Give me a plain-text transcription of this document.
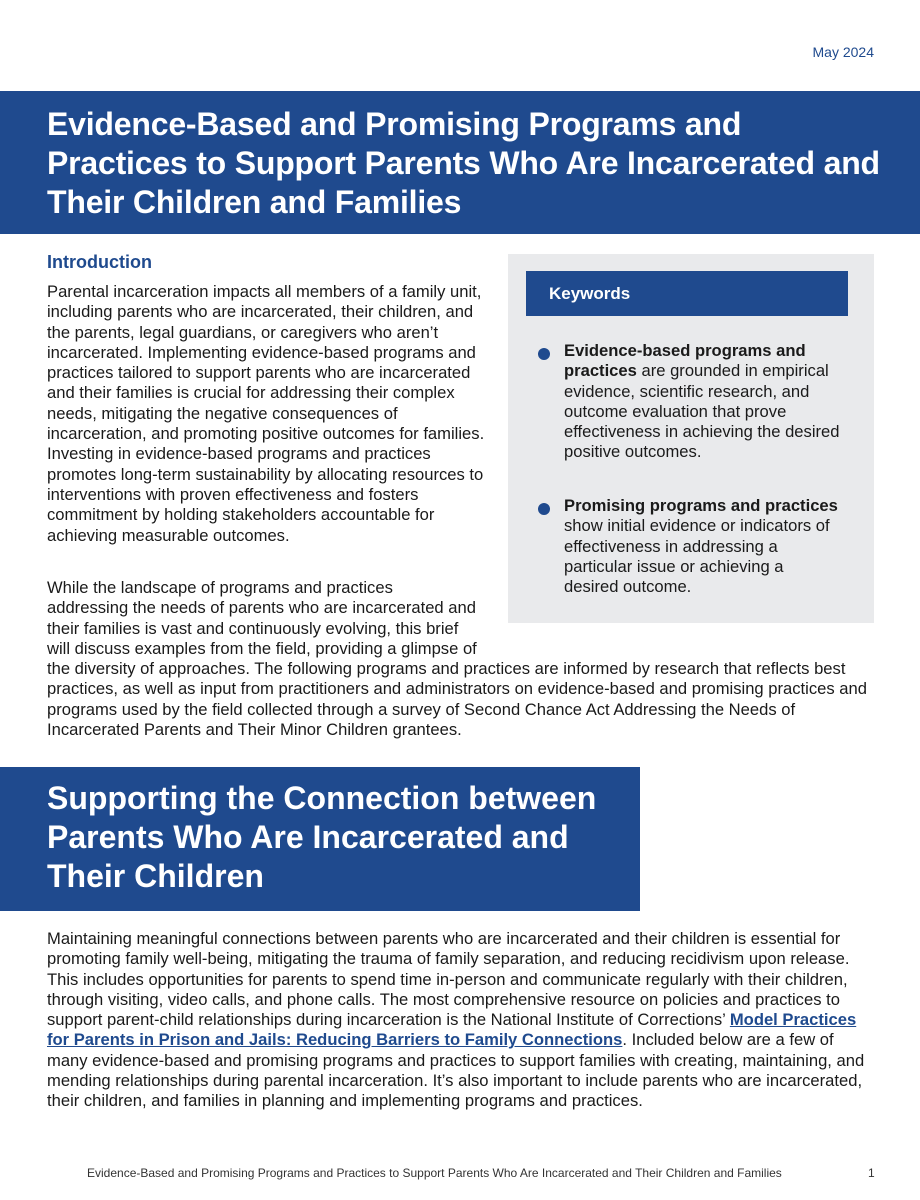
May 2024
Evidence-Based and Promising Programs and Practices to Support Parents Who Are Incarcerated and Their Children and Families
Introduction

Parental incarceration impacts all members of a family unit, including parents who are incarcerated, their children, and the parents, legal guardians, or caregivers who aren’t incarcerated. Implementing evidence-based programs and practices tailored to support parents who are incarcerated and their families is crucial for addressing their complex needs, mitigating the negative consequences of incarceration, and promoting positive outcomes for families. Investing in evidence-based programs and practices promotes long-term sustainability by allocating resources to interventions with proven effectiveness and fosters commitment by holding stakeholders accountable for achieving measurable outcomes.

Keywords
Evidence-based programs and practices are grounded in empirical evidence, scientific research, and outcome evaluation that prove effectiveness in achieving the desired positive outcomes.
Promising programs and practices show initial evidence or indicators of effectiveness in addressing a particular issue or achieving a desired outcome.
While the landscape of programs and practices addressing the needs of parents who are incarcerated and their families is vast and continuously evolving, this brief will discuss examples from the field, providing a glimpse of the diversity of approaches. The following programs and practices are informed by research that reflects best practices, as well as input from practitioners and administrators on evidence-based and promising practices and programs used by the field collected through a survey of Second Chance Act Addressing the Needs of Incarcerated Parents and Their Minor Children grantees.
Supporting the Connection between Parents Who Are Incarcerated and Their Children

Maintaining meaningful connections between parents who are incarcerated and their children is essential for promoting family well-being, mitigating the trauma of family separation, and reducing recidivism upon release. This includes opportunities for parents to spend time in-person and communicate regularly with their children, through visiting, video calls, and phone calls. The most comprehensive resource on policies and practices to support parent-child relationships during incarceration is the National Institute of Corrections’ Model Practices for Parents in Prison and Jails: Reducing Barriers to Family Connections. Included below are a few of many evidence-based and promising programs and practices to support families with creating, maintaining, and mending relationships during parental incarceration. It’s also important to include parents who are incarcerated, their children, and families in planning and implementing programs and practices.

Evidence-Based and Promising Programs and Practices to Support Parents Who Are Incarcerated and Their Children and Families	1
